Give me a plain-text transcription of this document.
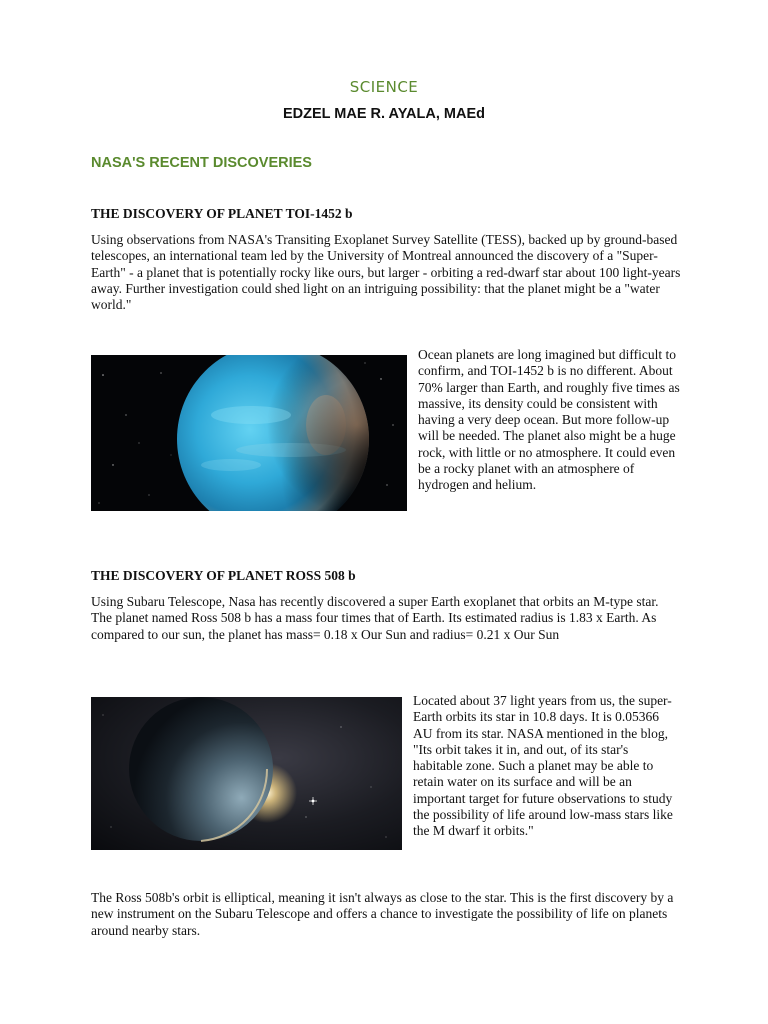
SCIENCE
EDZEL MAE R. AYALA, MAEd
NASA'S RECENT DISCOVERIES
THE DISCOVERY OF PLANET TOI-1452 b

Using observations from NASA's Transiting Exoplanet Survey Satellite (TESS), backed up by ground-based telescopes, an international team led by the University of Montreal announced the discovery of a "Super-Earth" - a planet that is potentially rocky like ours, but larger - orbiting a red-dwarf star about 100 light-years away. Further investigation could shed light on an intriguing possibility: that the planet might be a "water world."

Ocean planets are long imagined but difficult to confirm, and TOI-1452 b is no different. About 70% larger than Earth, and roughly five times as massive, its density could be consistent with having a very deep ocean. But more follow-up will be needed. The planet also might be a huge rock, with little or no atmosphere. It could even be a rocky planet with an atmosphere of hydrogen and helium.

THE DISCOVERY OF PLANET ROSS 508 b

Using Subaru Telescope, Nasa has recently discovered a super Earth exoplanet that orbits an M-type star. The planet named Ross 508 b has a mass four times that of Earth. Its estimated radius is 1.83 x Earth. As compared to our sun, the planet has mass= 0.18 x Our Sun and radius= 0.21 x Our Sun

Located about 37 light years from us, the super-Earth orbits its star in 10.8 days. It is 0.05366 AU from its star. NASA mentioned in the blog, "Its orbit takes it in, and out, of its star's habitable zone. Such a planet may be able to retain water on its surface and will be an important target for future observations to study the possibility of life around low-mass stars like the M dwarf it orbits."

The Ross 508b's orbit is elliptical, meaning it isn't always as close to the star. This is the first discovery by a new instrument on the Subaru Telescope and offers a chance to investigate the possibility of life on planets around nearby stars.
